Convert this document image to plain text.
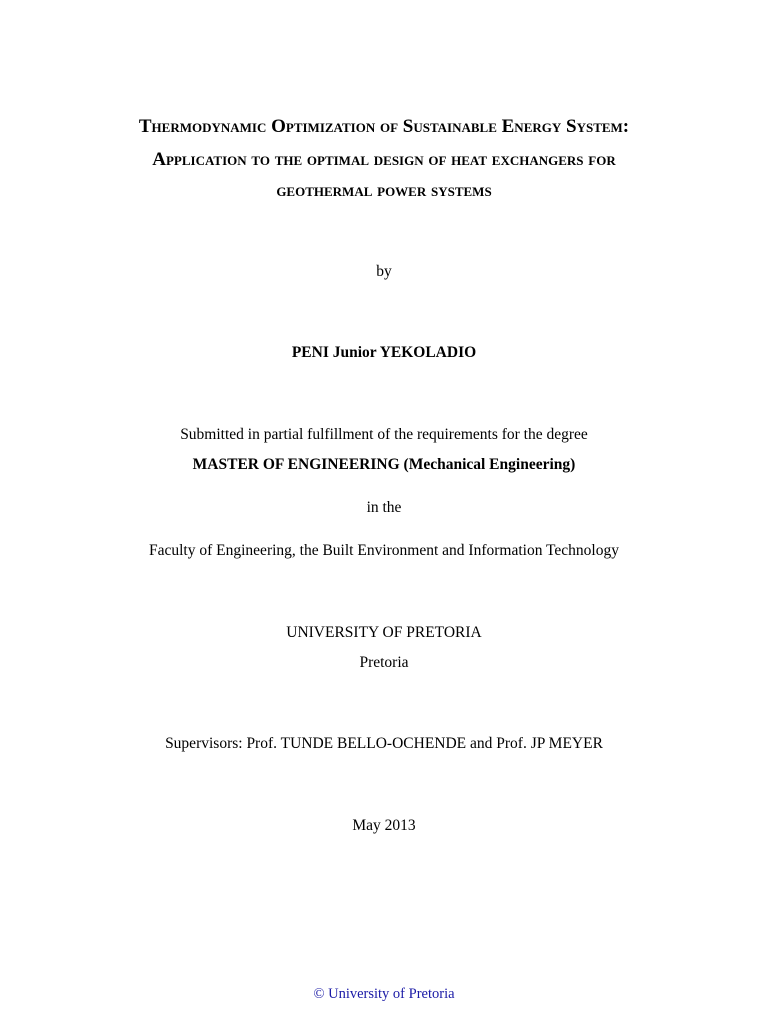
Thermodynamic Optimization of Sustainable Energy System:
Application to the optimal design of heat exchangers for
geothermal power systems
by
PENI Junior YEKOLADIO
Submitted in partial fulfillment of the requirements for the degree
MASTER OF ENGINEERING (Mechanical Engineering)
in the
Faculty of Engineering, the Built Environment and Information Technology
UNIVERSITY OF PRETORIA
Pretoria
Supervisors: Prof. TUNDE BELLO-OCHENDE and Prof. JP MEYER
May 2013
© University of Pretoria
